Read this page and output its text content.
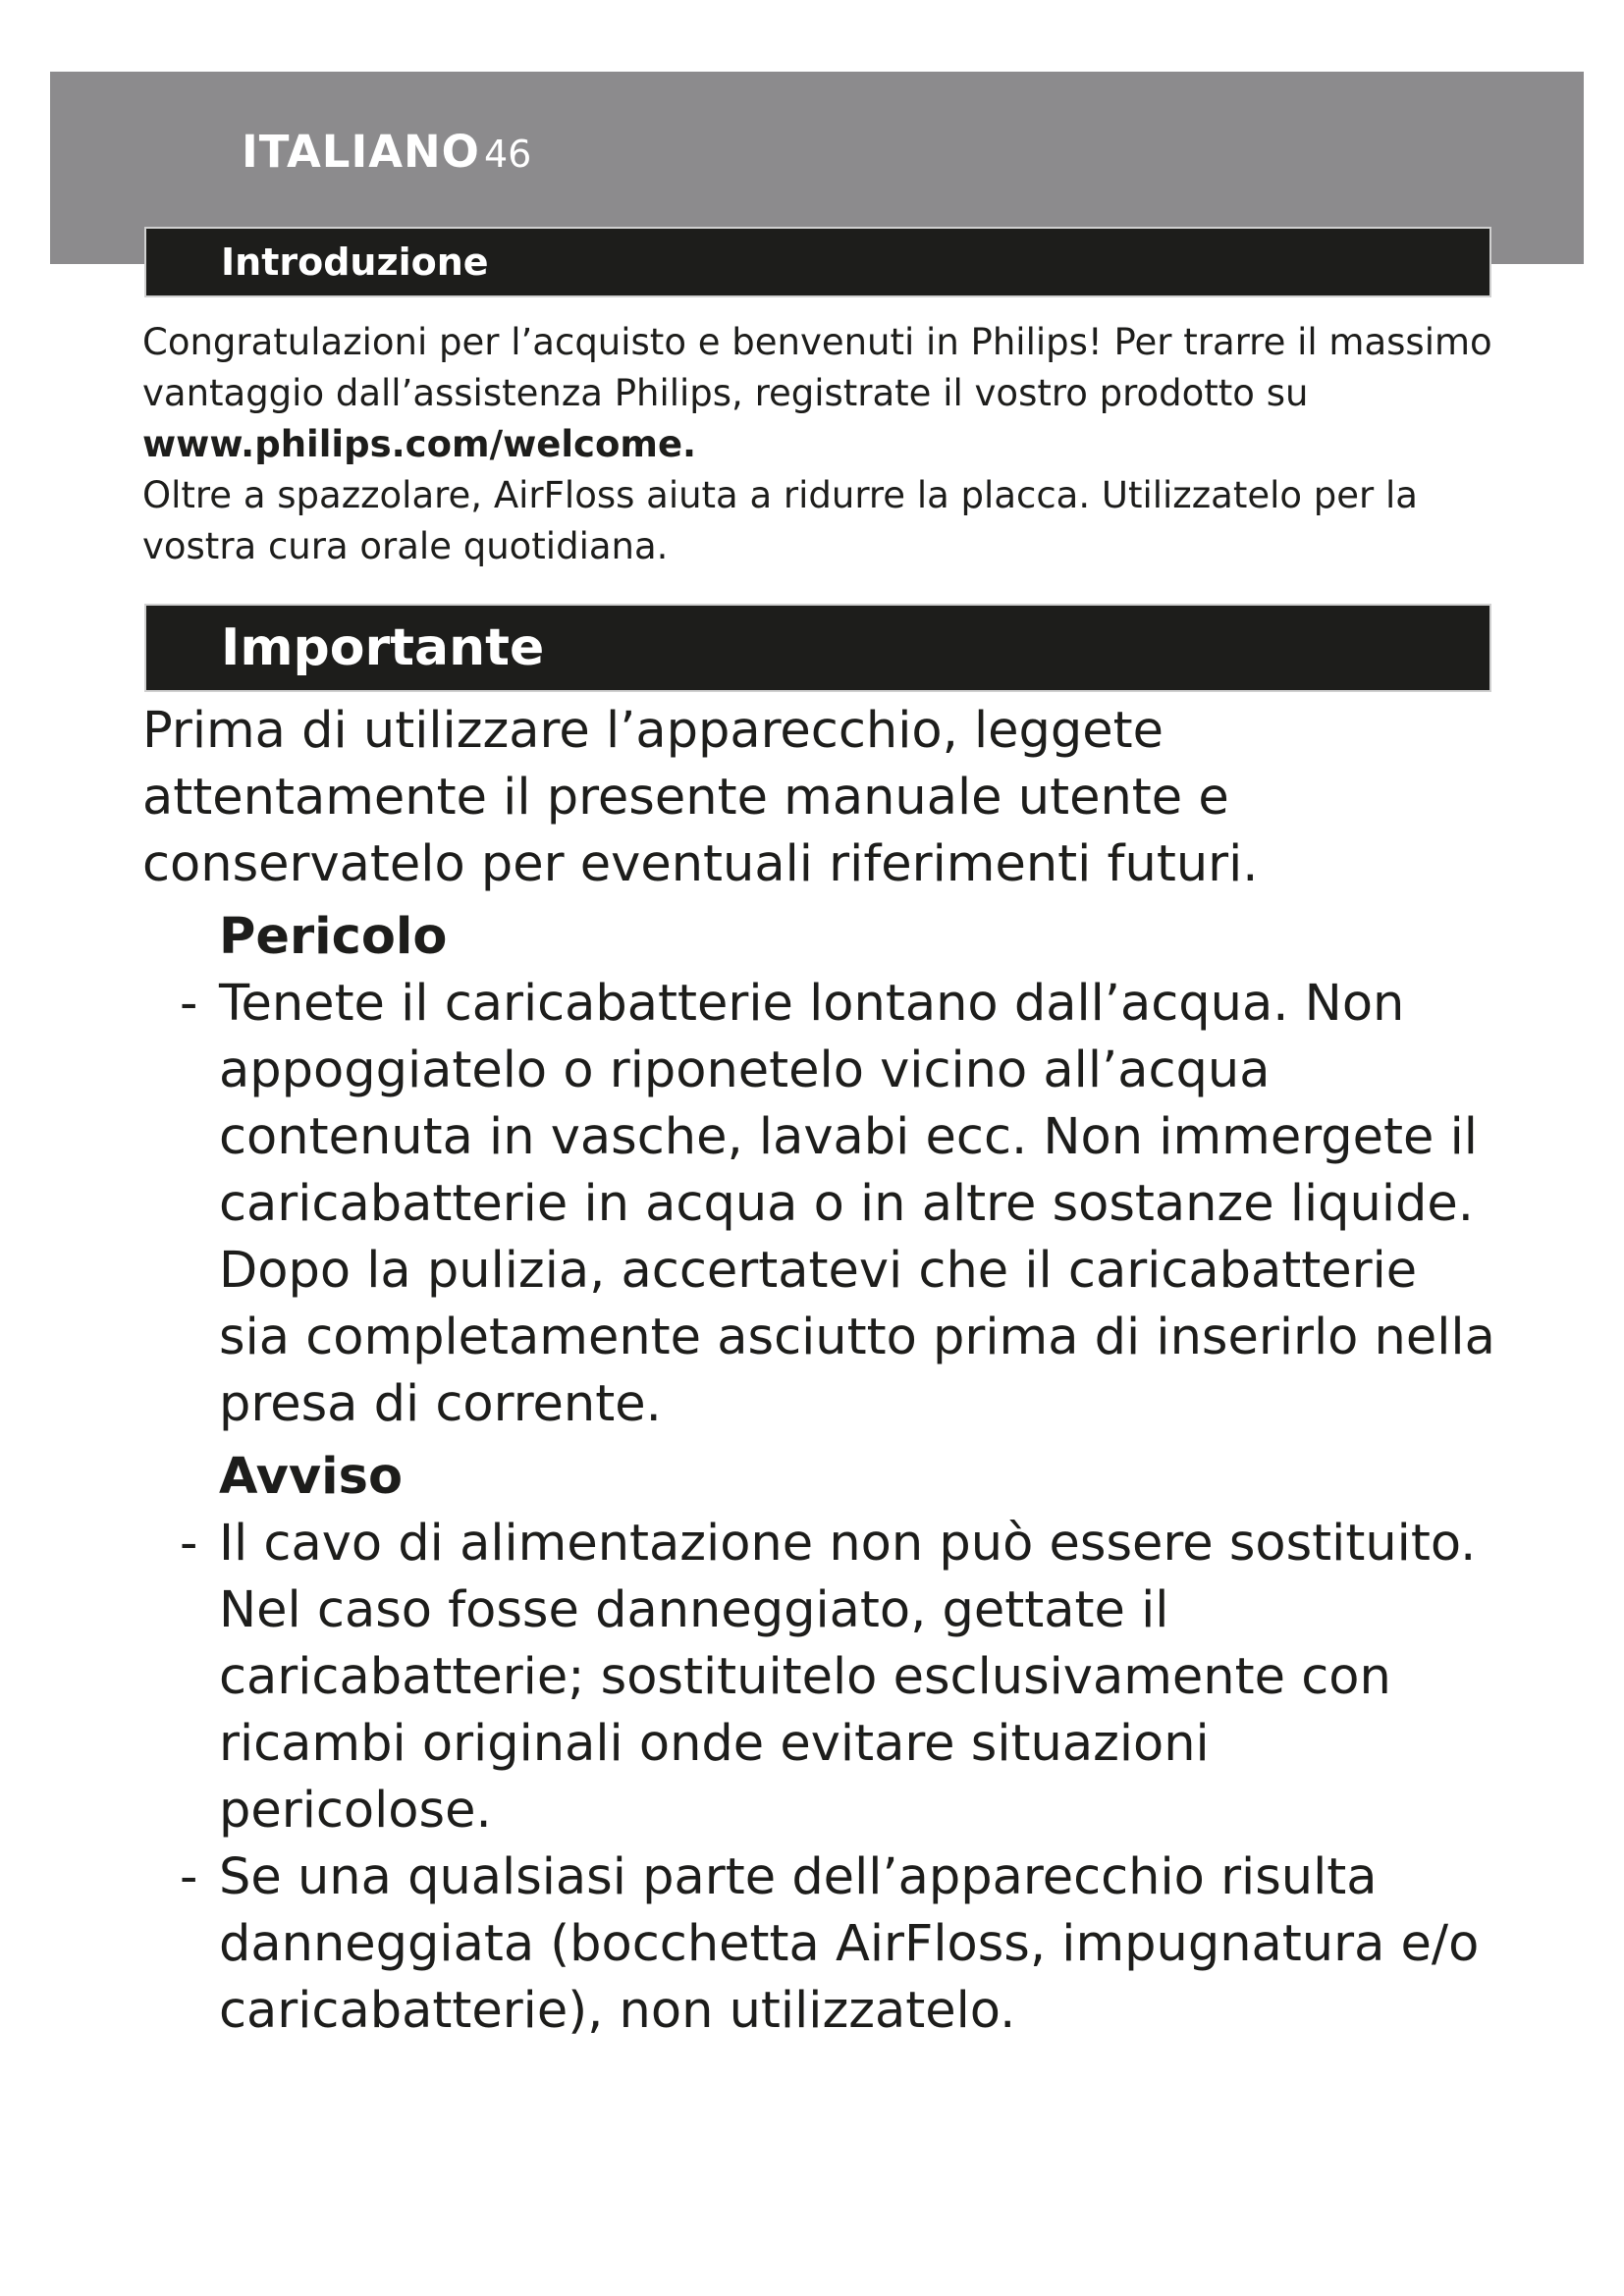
ITALIANO 46
Introduzione

Congratulazioni per l’acquisto e benvenuti in Philips! Per trarre il massimo vantaggio dall’assistenza Philips, registrate il vostro prodotto su
www.philips.com/welcome.

Oltre a spazzolare, AirFloss aiuta a ridurre la placca. Utilizzatelo per la vostra cura orale quotidiana.

Importante

Prima di utilizzare l’apparecchio, leggete attentamente il presente manuale utente e conservatelo per eventuali riferimenti futuri.

Pericolo
- Tenete il caricabatterie lontano dall’acqua. Non appoggiatelo o riponetelo vicino all’acqua contenuta in vasche, lavabi ecc. Non immergete il caricabatterie in acqua o in altre sostanze liquide. Dopo la pulizia, accertatevi che il caricabatterie sia completamente asciutto prima di inserirlo nella presa di corrente.
Avviso
- Il cavo di alimentazione non può essere sostituito. Nel caso fosse danneggiato, gettate il caricabatterie; sostituitelo esclusivamente con ricambi originali onde evitare situazioni pericolose.
- Se una qualsiasi parte dell’apparecchio risulta danneggiata (bocchetta AirFloss, impugnatura e/o caricabatterie), non utilizzatelo.
